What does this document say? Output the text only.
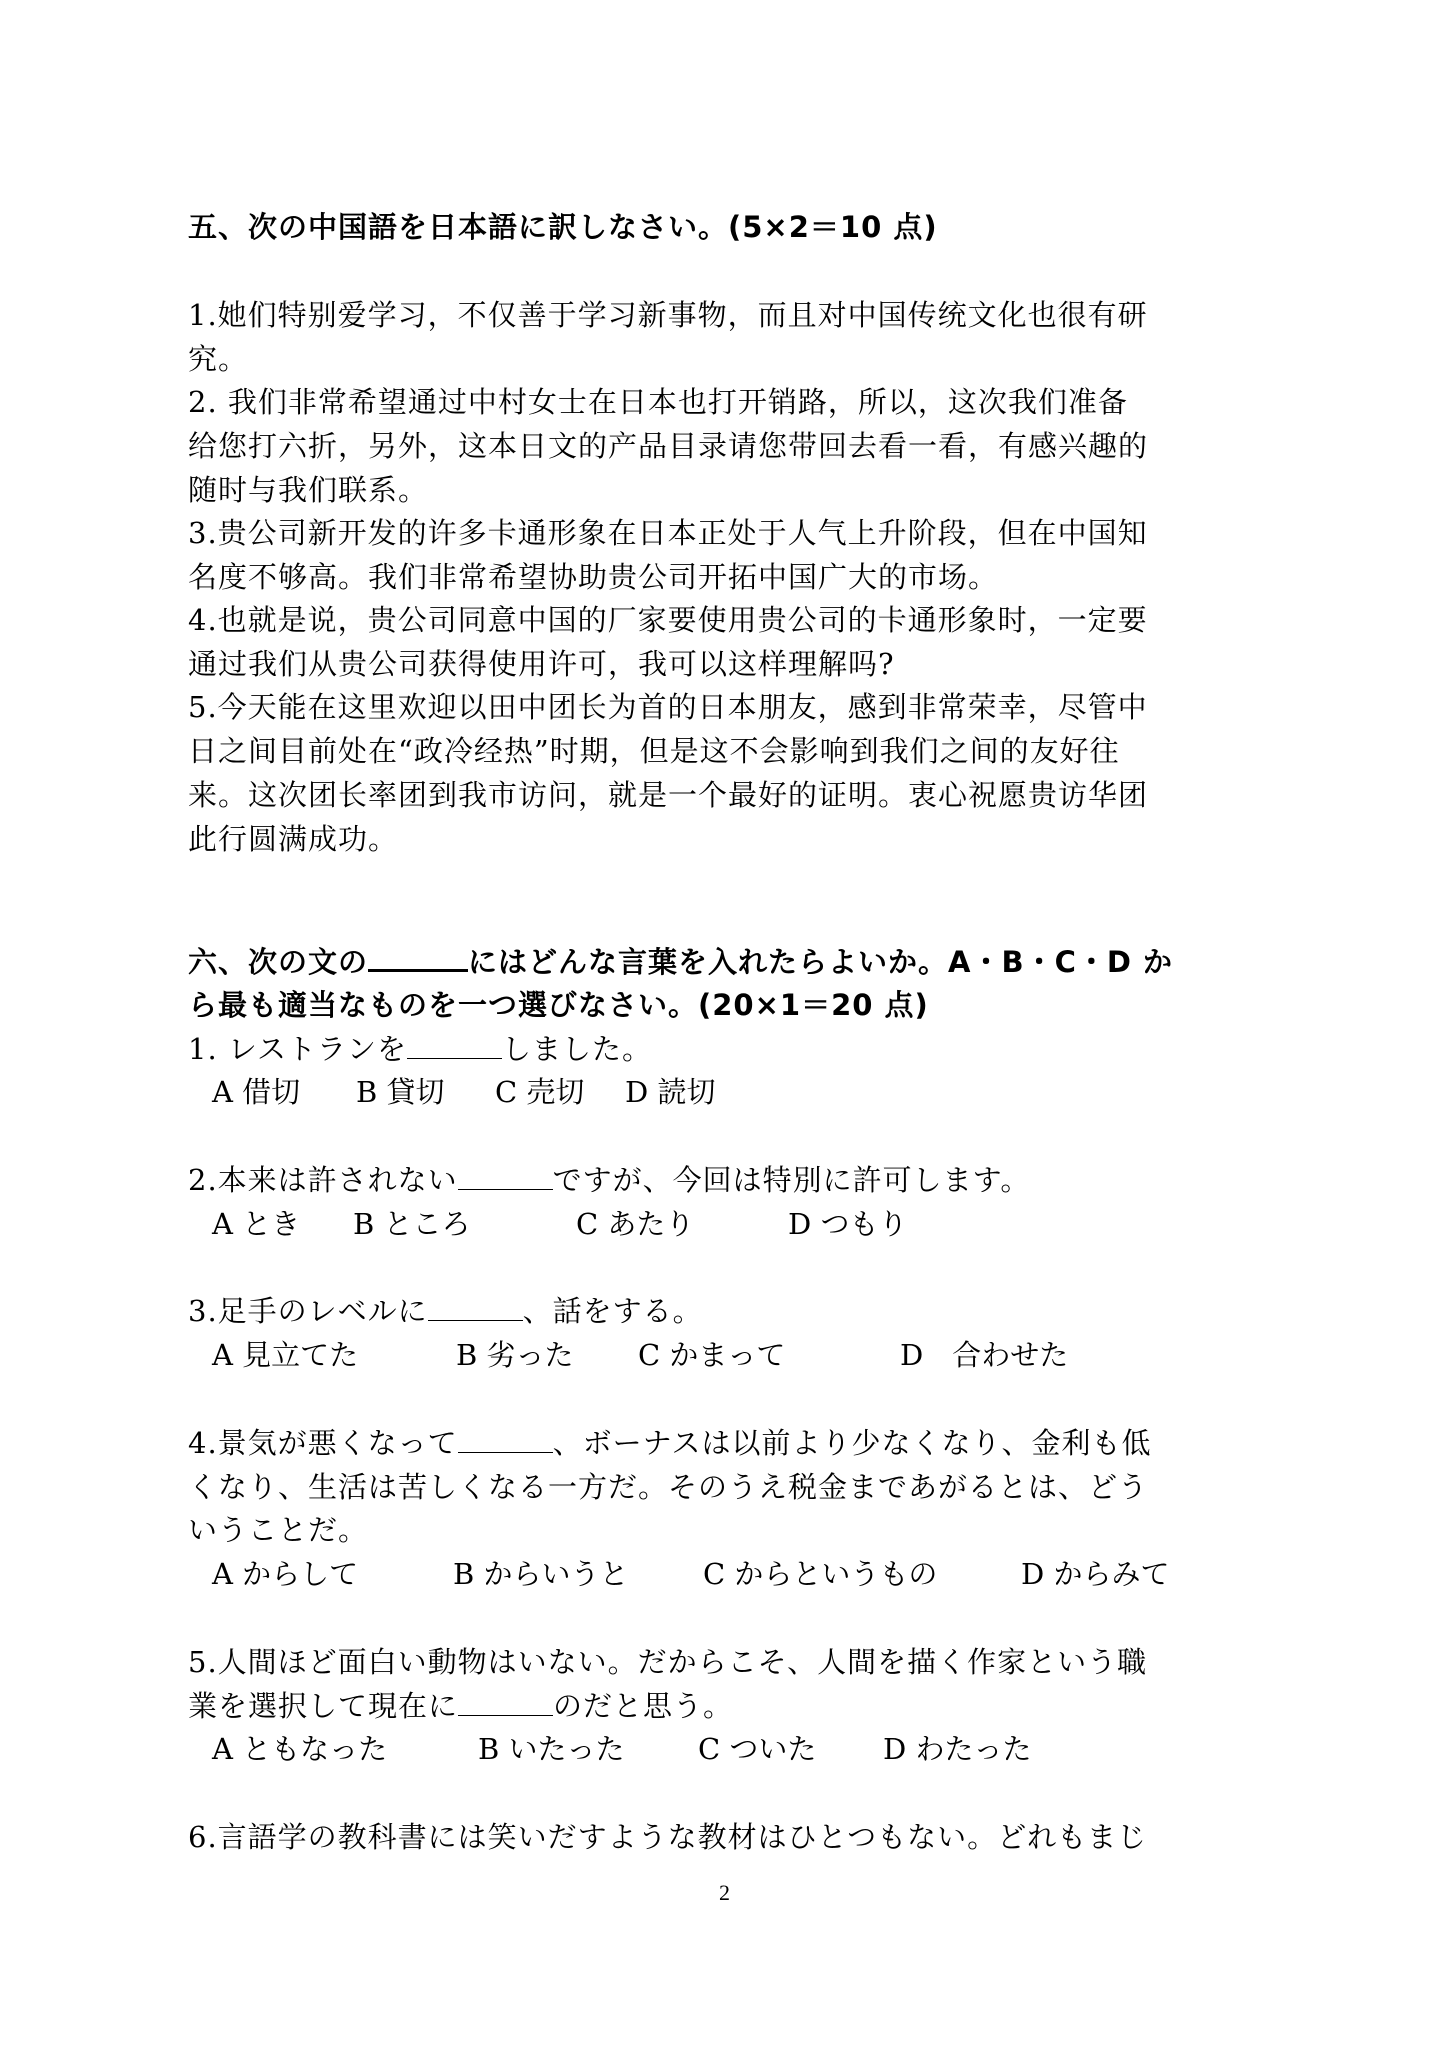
五、次の中国語を日本語に訳しなさい。(5×2＝10 点)
1.她们特别爱学习，不仅善于学习新事物，而且对中国传统文化也很有研
究。
2. 我们非常希望通过中村女士在日本也打开销路，所以，这次我们准备
给您打六折，另外，这本日文的产品目录请您带回去看一看，有感兴趣的
随时与我们联系。
3.贵公司新开发的许多卡通形象在日本正处于人气上升阶段，但在中国知
名度不够高。我们非常希望协助贵公司开拓中国广大的市场。
4.也就是说，贵公司同意中国的厂家要使用贵公司的卡通形象时，一定要
通过我们从贵公司获得使用许可，我可以这样理解吗?
5.今天能在这里欢迎以田中团长为首的日本朋友，感到非常荣幸，尽管中
日之间目前处在“政冷经热”时期，但是这不会影响到我们之间的友好往
来。这次团长率团到我市访问，就是一个最好的证明。衷心祝愿贵访华团
此行圆满成功。
六、次の文の	にはどんな言葉を入れたらよいか。A・B・C・D か
ら最も適当なものを一つ選びなさい。(20×1＝20 点)
1. レストランを	しました。
A 借切 B 貸切 C 売切 D 読切
2.本来は許されない	ですが、今回は特別に許可します。
A とき B ところ	C あたり	D つもり
3.足手のレベルに	、話をする。
A 見立てた	B 劣った C かまって	D　合わせた
4.景気が悪くなって	、ボーナスは以前より少なくなり、金利も低
くなり、生活は苦しくなる一方だ。そのうえ税金まであがるとは、どう
いうことだ。
A からして	B からいうと	C からというもの	D からみて
5.人間ほど面白い動物はいない。だからこそ、人間を描く作家という職
業を選択して現在に	のだと思う。
A ともなった	B いたった	C ついた D わたった
6.言語学の教科書には笑いだすような教材はひとつもない。どれもまじ
2
